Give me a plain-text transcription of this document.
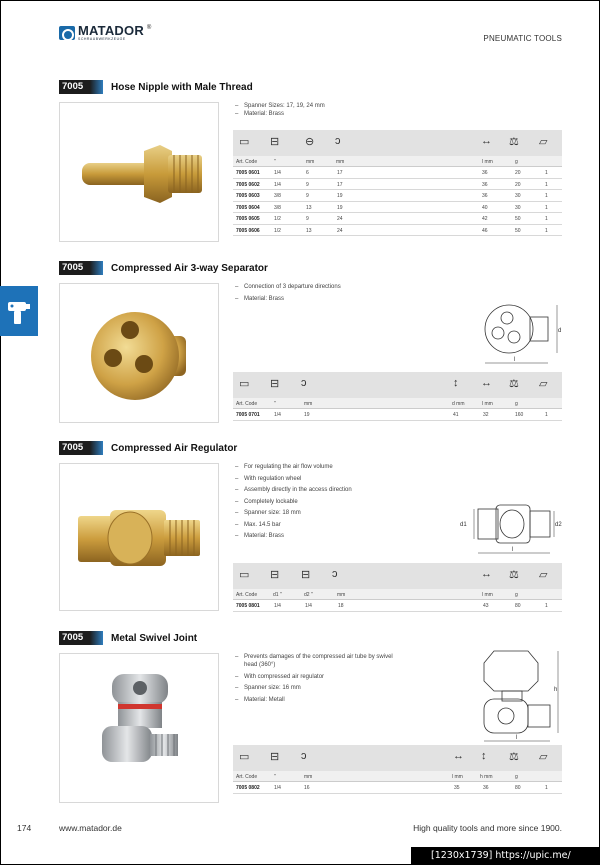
MATADOR
SCHRAUBWERKZEUGE
®
PNEUMATIC TOOLS
7005	Hose Nipple with Male Thread
– Spanner Sizes: 17, 19, 24 mm
– Material: Brass
▭ ⊟ ⊖ ↄ	↔ ⚖ ▱
Art. Code	"	mm	mm	l mm	g
7005 0601	1/4	6	17	36	20	1
7005 0602	1/4	9	17	36	20	1
7005 0603	3/8	9	19	36	30	1
7005 0604	3/8	13	19	40	30	1
7005 0605	1/2	9	24	42	50	1
7005 0606	1/2	13	24	46	50	1
7005	Compressed Air 3-way Separator
– Connection of 3 departure directions
– Material: Brass
d
l
▭ ⊟ ↄ	↕ ↔ ⚖ ▱
Art. Code	"	mm	d mm	l mm	g
7005 0701	1/4	19	41	32	160	1
7005	Compressed Air Regulator
– For regulating the air flow volume
– With regulation wheel
– Assembly directly in the access direction
– Completely lockable
– Spanner size: 18 mm
– Max. 14.5 bar
– Material: Brass
d1	d2
l
▭ ⊟ ⊟ ↄ	↔ ⚖ ▱
Art. Code	d1 "	d2 "	mm	l mm	g
7005 0801	1/4	1/4	18	43	80	1
7005	Metal Swivel Joint
– Prevents damages of the compressed air tube by swivel head (360°)
– With compressed air regulator
– Spanner size: 16 mm
– Material: Metall
h
l
▭ ⊟ ↄ	↔ ↕ ⚖ ▱
Art. Code	"	mm	l mm	h mm	g
7005 0802	1/4	16	35	36	80	1
174	www.matador.de	High quality tools and more since 1900.
[1230x1739] https://upic.me/
